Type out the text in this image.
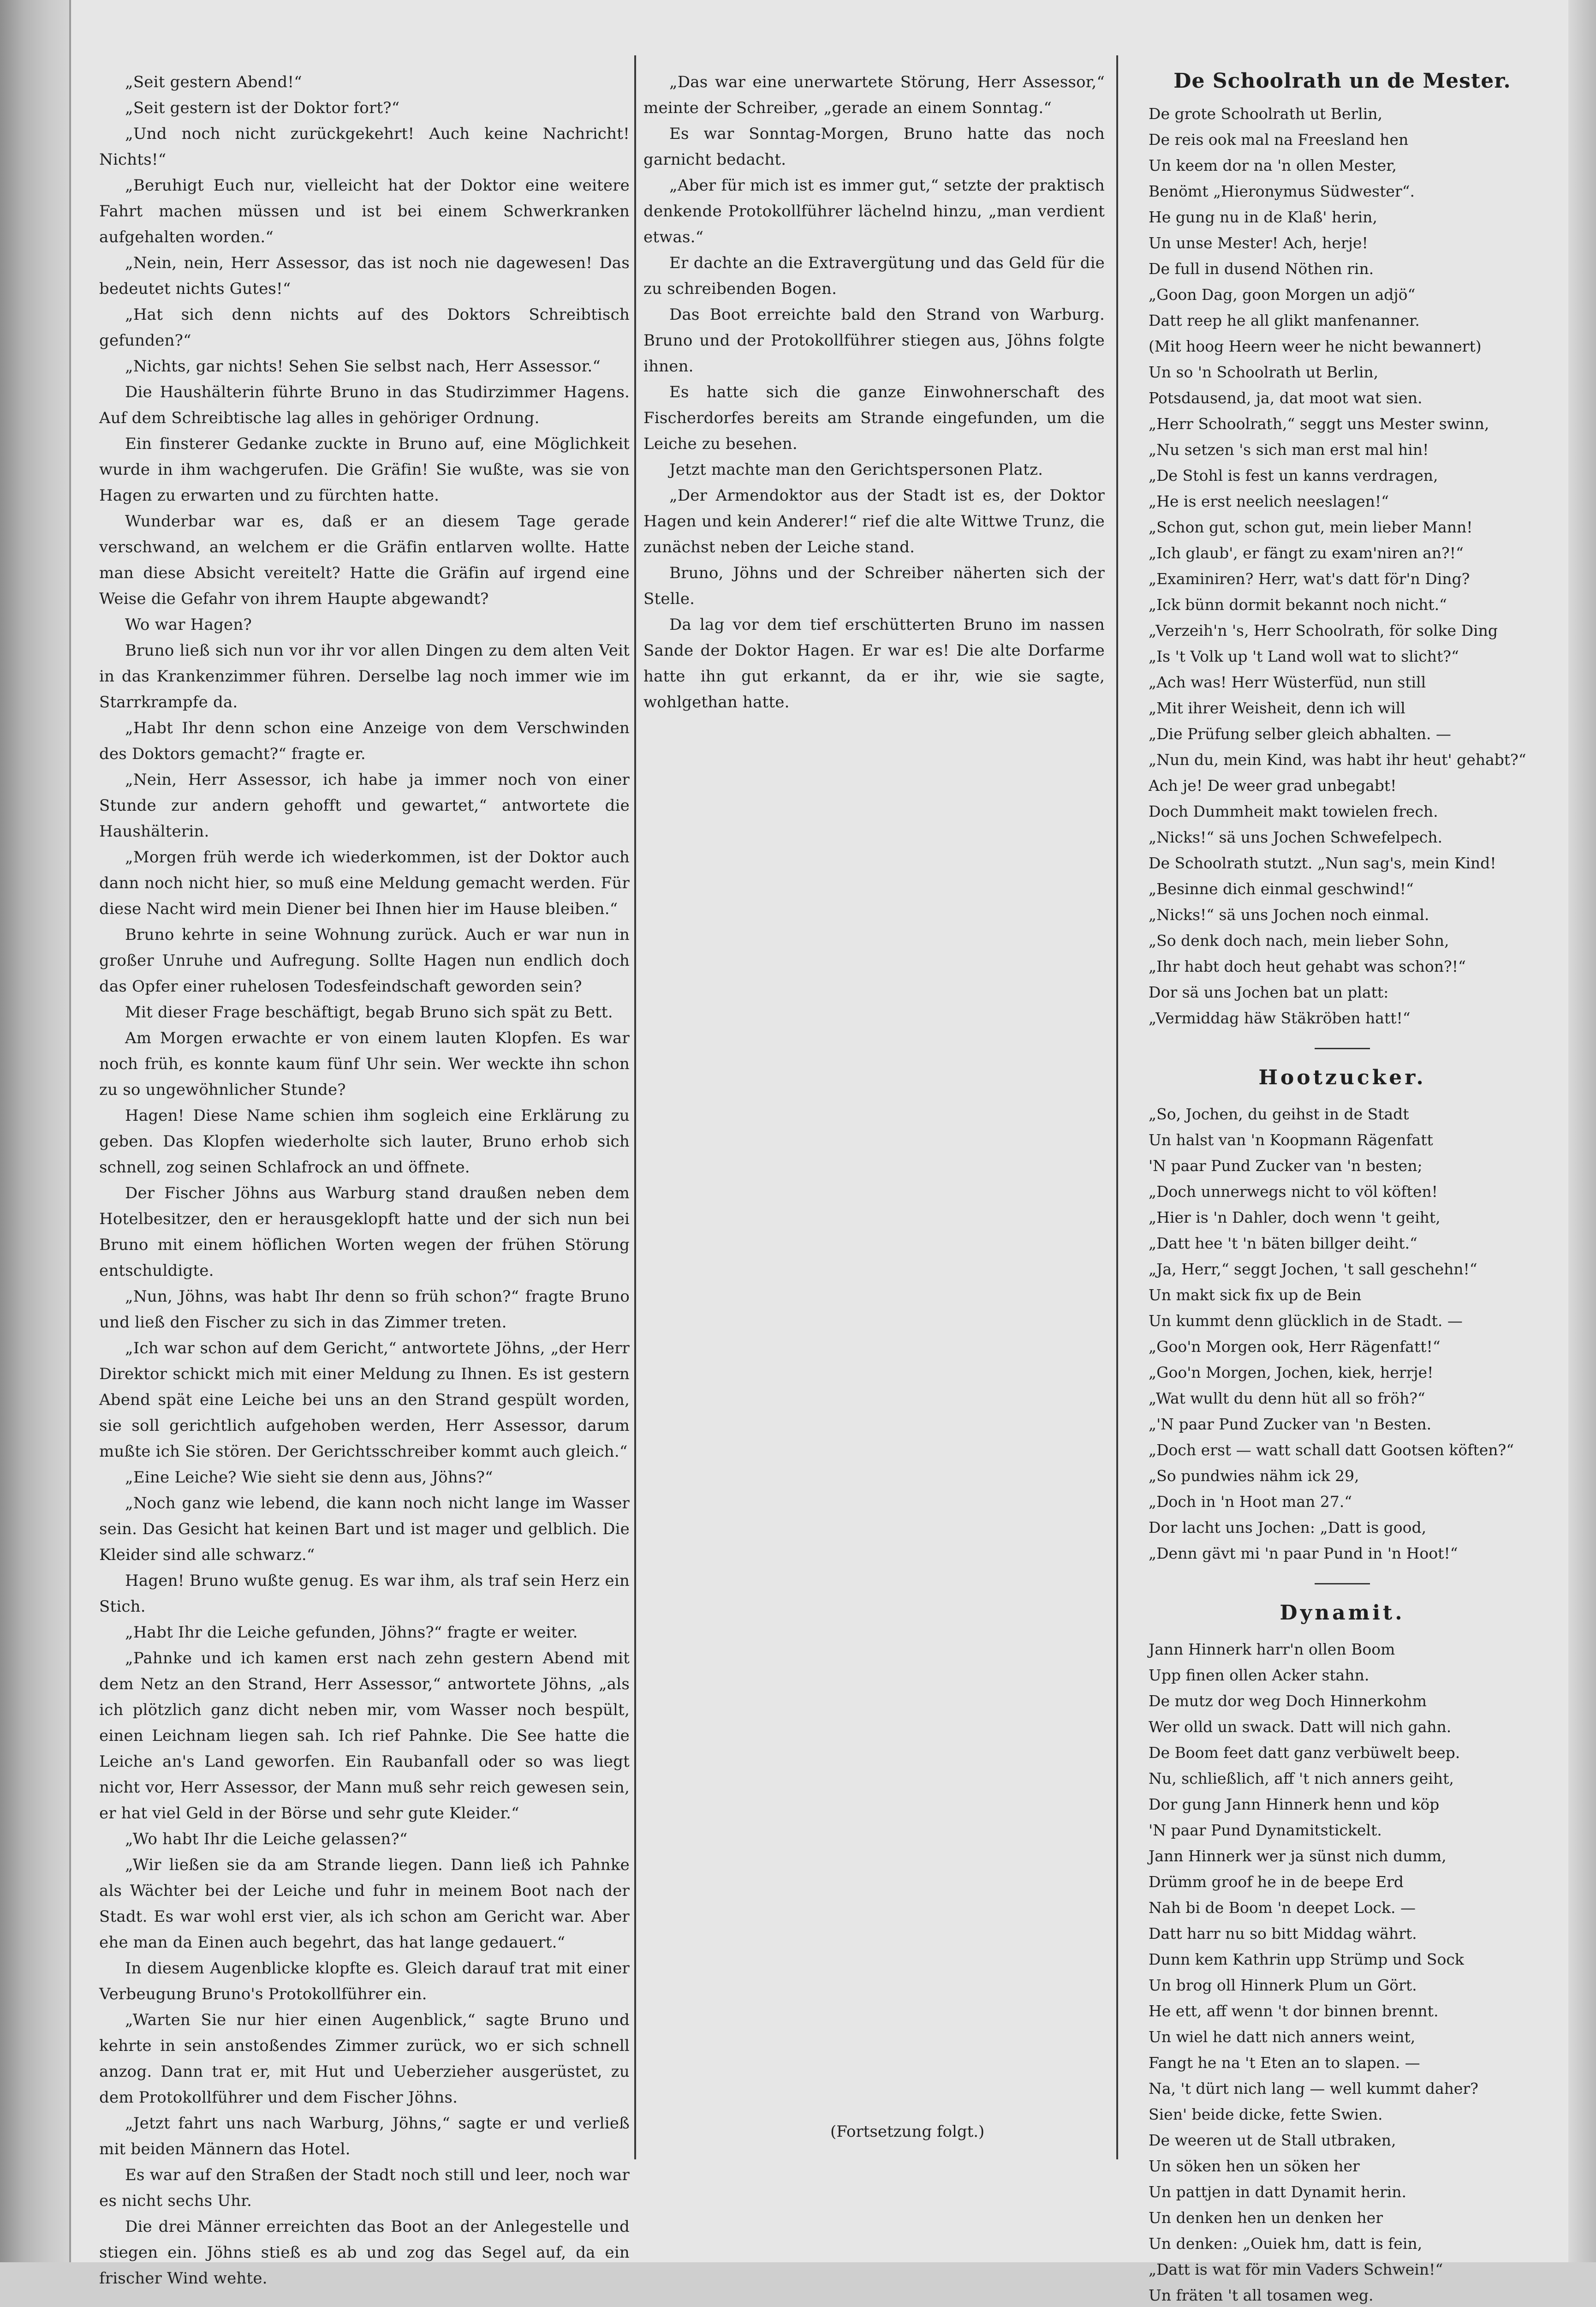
„Seit gestern Abend!“

„Seit gestern ist der Doktor fort?“

„Und noch nicht zurückgekehrt! Auch keine Nachricht! Nichts!“

„Beruhigt Euch nur, vielleicht hat der Doktor eine weitere Fahrt machen müssen und ist bei einem Schwerkranken aufgehalten worden.“

„Nein, nein, Herr Assessor, das ist noch nie dagewesen! Das bedeutet nichts Gutes!“

„Hat sich denn nichts auf des Doktors Schreibtisch gefunden?“

„Nichts, gar nichts! Sehen Sie selbst nach, Herr Assessor.“

Die Haushälterin führte Bruno in das Studirzimmer Hagens. Auf dem Schreibtische lag alles in gehöriger Ordnung.

Ein finsterer Gedanke zuckte in Bruno auf, eine Möglichkeit wurde in ihm wachgerufen. Die Gräfin! Sie wußte, was sie von Hagen zu erwarten und zu fürchten hatte.

Wunderbar war es, daß er an diesem Tage gerade verschwand, an welchem er die Gräfin entlarven wollte. Hatte man diese Absicht vereitelt? Hatte die Gräfin auf irgend eine Weise die Gefahr von ihrem Haupte abgewandt?

Wo war Hagen?

Bruno ließ sich nun vor ihr vor allen Dingen zu dem alten Veit in das Krankenzimmer führen. Derselbe lag noch immer wie im Starrkrampfe da.

„Habt Ihr denn schon eine Anzeige von dem Verschwinden des Doktors gemacht?“ fragte er.

„Nein, Herr Assessor, ich habe ja immer noch von einer Stunde zur andern gehofft und gewartet,“ antwortete die Haushälterin.

„Morgen früh werde ich wiederkommen, ist der Doktor auch dann noch nicht hier, so muß eine Meldung gemacht werden. Für diese Nacht wird mein Diener bei Ihnen hier im Hause bleiben.“

Bruno kehrte in seine Wohnung zurück. Auch er war nun in großer Unruhe und Aufregung. Sollte Hagen nun endlich doch das Opfer einer ruhelosen Todesfeindschaft geworden sein?

Mit dieser Frage beschäftigt, begab Bruno sich spät zu Bett.

Am Morgen erwachte er von einem lauten Klopfen. Es war noch früh, es konnte kaum fünf Uhr sein. Wer weckte ihn schon zu so ungewöhnlicher Stunde?

Hagen! Diese Name schien ihm sogleich eine Erklärung zu geben. Das Klopfen wiederholte sich lauter, Bruno erhob sich schnell, zog seinen Schlafrock an und öffnete.

Der Fischer Jöhns aus Warburg stand draußen neben dem Hotelbesitzer, den er herausgeklopft hatte und der sich nun bei Bruno mit einem höflichen Worten wegen der frühen Störung entschuldigte.

„Nun, Jöhns, was habt Ihr denn so früh schon?“ fragte Bruno und ließ den Fischer zu sich in das Zimmer treten.

„Ich war schon auf dem Gericht,“ antwortete Jöhns, „der Herr Direktor schickt mich mit einer Meldung zu Ihnen. Es ist gestern Abend spät eine Leiche bei uns an den Strand gespült worden, sie soll gerichtlich aufgehoben werden, Herr Assessor, darum mußte ich Sie stören. Der Gerichtsschreiber kommt auch gleich.“

„Eine Leiche? Wie sieht sie denn aus, Jöhns?“

„Noch ganz wie lebend, die kann noch nicht lange im Wasser sein. Das Gesicht hat keinen Bart und ist mager und gelblich. Die Kleider sind alle schwarz.“

Hagen! Bruno wußte genug. Es war ihm, als traf sein Herz ein Stich.

„Habt Ihr die Leiche gefunden, Jöhns?“ fragte er weiter.

„Pahnke und ich kamen erst nach zehn gestern Abend mit dem Netz an den Strand, Herr Assessor,“ antwortete Jöhns, „als ich plötzlich ganz dicht neben mir, vom Wasser noch bespült, einen Leichnam liegen sah. Ich rief Pahnke. Die See hatte die Leiche an's Land geworfen. Ein Raubanfall oder so was liegt nicht vor, Herr Assessor, der Mann muß sehr reich gewesen sein, er hat viel Geld in der Börse und sehr gute Kleider.“

„Wo habt Ihr die Leiche gelassen?“

„Wir ließen sie da am Strande liegen. Dann ließ ich Pahnke als Wächter bei der Leiche und fuhr in meinem Boot nach der Stadt. Es war wohl erst vier, als ich schon am Gericht war. Aber ehe man da Einen auch begehrt, das hat lange gedauert.“

In diesem Augenblicke klopfte es. Gleich darauf trat mit einer Verbeugung Bruno's Protokollführer ein.

„Warten Sie nur hier einen Augenblick,“ sagte Bruno und kehrte in sein anstoßendes Zimmer zurück, wo er sich schnell anzog. Dann trat er, mit Hut und Ueberzieher ausgerüstet, zu dem Protokollführer und dem Fischer Jöhns.

„Jetzt fahrt uns nach Warburg, Jöhns,“ sagte er und verließ mit beiden Männern das Hotel.

Es war auf den Straßen der Stadt noch still und leer, noch war es nicht sechs Uhr.

Die drei Männer erreichten das Boot an der Anlegestelle und stiegen ein. Jöhns stieß es ab und zog das Segel auf, da ein frischer Wind wehte.

„Das war eine unerwartete Störung, Herr Assessor,“ meinte der Schreiber, „gerade an einem Sonntag.“

Es war Sonntag-Morgen, Bruno hatte das noch garnicht bedacht.

„Aber für mich ist es immer gut,“ setzte der praktisch denkende Protokollführer lächelnd hinzu, „man verdient etwas.“

Er dachte an die Extravergütung und das Geld für die zu schreibenden Bogen.

Das Boot erreichte bald den Strand von Warburg. Bruno und der Protokollführer stiegen aus, Jöhns folgte ihnen.

Es hatte sich die ganze Einwohnerschaft des Fischerdorfes bereits am Strande eingefunden, um die Leiche zu besehen.

Jetzt machte man den Gerichtspersonen Platz.

„Der Armendoktor aus der Stadt ist es, der Doktor Hagen und kein Anderer!“ rief die alte Wittwe Trunz, die zunächst neben der Leiche stand.

Bruno, Jöhns und der Schreiber näherten sich der Stelle.

Da lag vor dem tief erschütterten Bruno im nassen Sande der Doktor Hagen. Er war es! Die alte Dorfarme hatte ihn gut erkannt, da er ihr, wie sie sagte, wohlgethan hatte.

(Fortsetzung folgt.)
De Schoolrath un de Mester.
De grote Schoolrath ut Berlin,
De reis ook mal na Freesland hen
Un keem dor na 'n ollen Mester,
Benömt „Hieronymus Südwester“.
He gung nu in de Klaß' herin,
Un unse Mester! Ach, herje!
De full in dusend Nöthen rin.
„Goon Dag, goon Morgen un adjö“
Datt reep he all glikt manfenanner.
(Mit hoog Heern weer he nicht bewannert)
Un so 'n Schoolrath ut Berlin,
Potsdausend, ja, dat moot wat sien.
„Herr Schoolrath,“ seggt uns Mester swinn,
„Nu setzen 's sich man erst mal hin!
„De Stohl is fest un kanns verdragen,
„He is erst neelich neeslagen!“
„Schon gut, schon gut, mein lieber Mann!
„Ich glaub', er fängt zu exam'niren an?!“
„Examiniren? Herr, wat's datt för'n Ding?
„Ick bünn dormit bekannt noch nicht.“
„Verzeih'n 's, Herr Schoolrath, för solke Ding
„Is 't Volk up 't Land woll wat to slicht?“
„Ach was! Herr Wüsterfüd, nun still
„Mit ihrer Weisheit, denn ich will
„Die Prüfung selber gleich abhalten. —
„Nun du, mein Kind, was habt ihr heut' gehabt?“
Ach je! De weer grad unbegabt!
Doch Dummheit makt towielen frech.
„Nicks!“ sä uns Jochen Schwefelpech.
De Schoolrath stutzt. „Nun sag's, mein Kind!
„Besinne dich einmal geschwind!“
„Nicks!“ sä uns Jochen noch einmal.
„So denk doch nach, mein lieber Sohn,
„Ihr habt doch heut gehabt was schon?!“
Dor sä uns Jochen bat un platt:
„Vermiddag häw Stäkröben hatt!“
Hootzucker.
„So, Jochen, du geihst in de Stadt
Un halst van 'n Koopmann Rägenfatt
'N paar Pund Zucker van 'n besten;
„Doch unnerwegs nicht to völ köften!
„Hier is 'n Dahler, doch wenn 't geiht,
„Datt hee 't 'n bäten billger deiht.“
„Ja, Herr,“ seggt Jochen, 't sall geschehn!“
Un makt sick fix up de Bein
Un kummt denn glücklich in de Stadt. —
„Goo'n Morgen ook, Herr Rägenfatt!“
„Goo'n Morgen, Jochen, kiek, herrje!
„Wat wullt du denn hüt all so fröh?“
„'N paar Pund Zucker van 'n Besten.
„Doch erst — watt schall datt Gootsen köften?“
„So pundwies nähm ick 29,
„Doch in 'n Hoot man 27.“
Dor lacht uns Jochen: „Datt is good,
„Denn gävt mi 'n paar Pund in 'n Hoot!“
Dynamit.
Jann Hinnerk harr'n ollen Boom
Upp finen ollen Acker stahn.
De mutz dor weg Doch Hinnerkohm
Wer olld un swack. Datt will nich gahn.
De Boom feet datt ganz verbüwelt beep.
Nu, schließlich, aff 't nich anners geiht,
Dor gung Jann Hinnerk henn und köp
'N paar Pund Dynamitstickelt.
Jann Hinnerk wer ja sünst nich dumm,
Drümm groof he in de beepe Erd
Nah bi de Boom 'n deepet Lock. —
Datt harr nu so bitt Middag währt.
Dunn kem Kathrin upp Strümp und Sock
Un brog oll Hinnerk Plum un Gört.
He ett, aff wenn 't dor binnen brennt.
Un wiel he datt nich anners weint,
Fangt he na 't Eten an to slapen. —
Na, 't dürt nich lang — well kummt daher?
Sien' beide dicke, fette Swien.
De weeren ut de Stall utbraken,
Un söken hen un söken her
Un pattjen in datt Dynamit herin.
Un denken hen un denken her
Un denken: „Ouiek hm, datt is fein,
„Datt is wat för min Vaders Schwein!“
Un fräten 't all tosamen weg.
